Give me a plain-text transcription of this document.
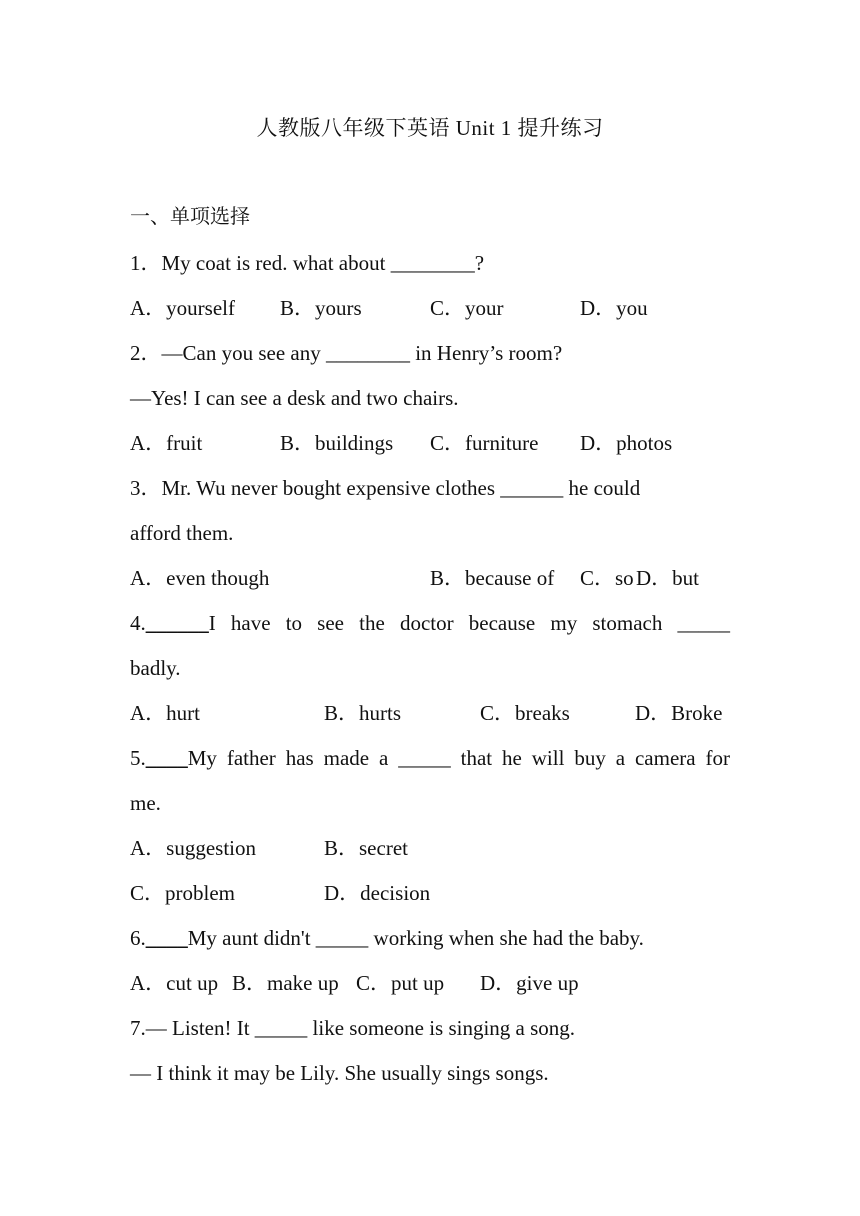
人教版八年级下英语 Unit 1 提升练习
一、单项选择
1．My coat is red. what about ________?
A．yourself B．yours	C．your	D．you
2．—Can you see any ________ in Henry’s room?
—Yes! I can see a desk and two chairs.
A．fruit	B．buildings C．furniture D．photos
3．Mr. Wu never bought expensive clothes ______ he could
afford them.
A．even though	B．because of C．so D．but
4.______I have to see the doctor because my stomach _____
badly.
A．hurt	B．hurts	C．breaks	D．Broke
5.____My father has made a _____ that he will buy a camera for
me.
A．suggestion	B．secret
C．problem	D．decision
6.____My aunt didn't _____ working when she had the baby.
A．cut up B．make up C．put up D．give up
7.— Listen! It _____ like someone is singing a song.
— I think it may be Lily. She usually sings songs.
